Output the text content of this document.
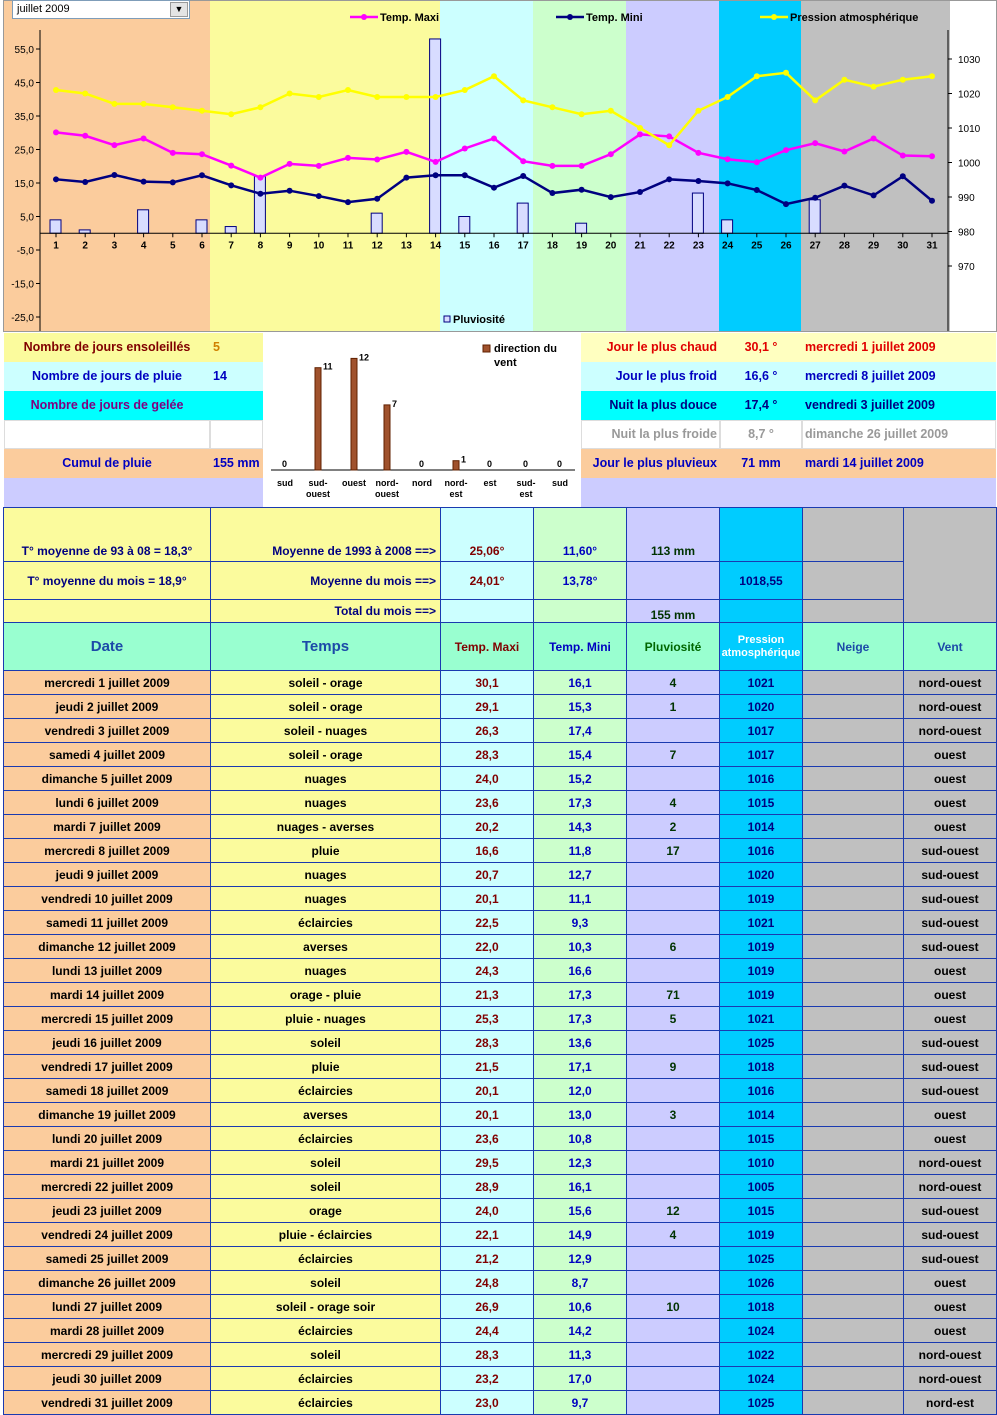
55,0
45,0
35,0
25,0
15,0
5,0
-5,0
-15,0
-25,0
1030
1020
1010
1000
990
980
970
1 2 3 4 5 6 7 8 9 10 11 12 13 14 15 16 17 18 19 20 21 22 23 24 25 26 27 28 29 30 31
Temp. Maxi	Temp. Mini	Pression atmosphérique
Pluviosité
juillet 2009	▼
Nombre de jours ensoleillés	5
Nombre de jours de pluie	14
Nombre de jours de gelée
Cumul de pluie	155 mm	0
11
12
7
0	1 0	0	0
sud sud-
ouest
ouest nord-
ouest
nord nord-
est
est sud-
est
sud
direction du
vent
Jour le plus chaud	30,1 °	mercredi 1 juillet 2009
Jour le plus froid	16,6 °	mercredi 8 juillet 2009
Nuit la plus douce	17,4 °	vendredi 3 juillet 2009
Nuit la plus froide	8,7 °	dimanche 26 juillet 2009
Jour le plus pluvieux	71 mm	mardi 14 juillet 2009
T° moyenne de 93 à 08 = 18,3°	Moyenne de 1993 à 2008 ==>	25,06°	11,60°	113 mm			
T° moyenne du mois = 18,9°	Moyenne du mois ==>	24,01°	13,78°		1018,55		
	Total du mois ==>			155 mm			
Date	Temps	Temp. Maxi	Temp. Mini	Pluviosité	Pression atmosphérique	Neige	Vent
mercredi 1 juillet 2009	soleil - orage	30,1	16,1	4	1021		nord-ouest
jeudi 2 juillet 2009	soleil - orage	29,1	15,3	1	1020		nord-ouest
vendredi 3 juillet 2009	soleil - nuages	26,3	17,4		1017		nord-ouest
samedi 4 juillet 2009	soleil - orage	28,3	15,4	7	1017		ouest
dimanche 5 juillet 2009	nuages	24,0	15,2		1016		ouest
lundi 6 juillet 2009	nuages	23,6	17,3	4	1015		ouest
mardi 7 juillet 2009	nuages - averses	20,2	14,3	2	1014		ouest
mercredi 8 juillet 2009	pluie	16,6	11,8	17	1016		sud-ouest
jeudi 9 juillet 2009	nuages	20,7	12,7		1020		sud-ouest
vendredi 10 juillet 2009	nuages	20,1	11,1		1019		sud-ouest
samedi 11 juillet 2009	éclaircies	22,5	9,3		1021		sud-ouest
dimanche 12 juillet 2009	averses	22,0	10,3	6	1019		sud-ouest
lundi 13 juillet 2009	nuages	24,3	16,6		1019		ouest
mardi 14 juillet 2009	orage - pluie	21,3	17,3	71	1019		ouest
mercredi 15 juillet 2009	pluie - nuages	25,3	17,3	5	1021		ouest
jeudi 16 juillet 2009	soleil	28,3	13,6		1025		sud-ouest
vendredi 17 juillet 2009	pluie	21,5	17,1	9	1018		sud-ouest
samedi 18 juillet 2009	éclaircies	20,1	12,0		1016		sud-ouest
dimanche 19 juillet 2009	averses	20,1	13,0	3	1014		ouest
lundi 20 juillet 2009	éclaircies	23,6	10,8		1015		ouest
mardi 21 juillet 2009	soleil	29,5	12,3		1010		nord-ouest
mercredi 22 juillet 2009	soleil	28,9	16,1		1005		nord-ouest
jeudi 23 juillet 2009	orage	24,0	15,6	12	1015		sud-ouest
vendredi 24 juillet 2009	pluie - éclaircies	22,1	14,9	4	1019		sud-ouest
samedi 25 juillet 2009	éclaircies	21,2	12,9		1025		sud-ouest
dimanche 26 juillet 2009	soleil	24,8	8,7		1026		ouest
lundi 27 juillet 2009	soleil - orage soir	26,9	10,6	10	1018		ouest
mardi 28 juillet 2009	éclaircies	24,4	14,2		1024		ouest
mercredi 29 juillet 2009	soleil	28,3	11,3		1022		nord-ouest
jeudi 30 juillet 2009	éclaircies	23,2	17,0		1024		nord-ouest
vendredi 31 juillet 2009	éclaircies	23,0	9,7		1025		nord-est
